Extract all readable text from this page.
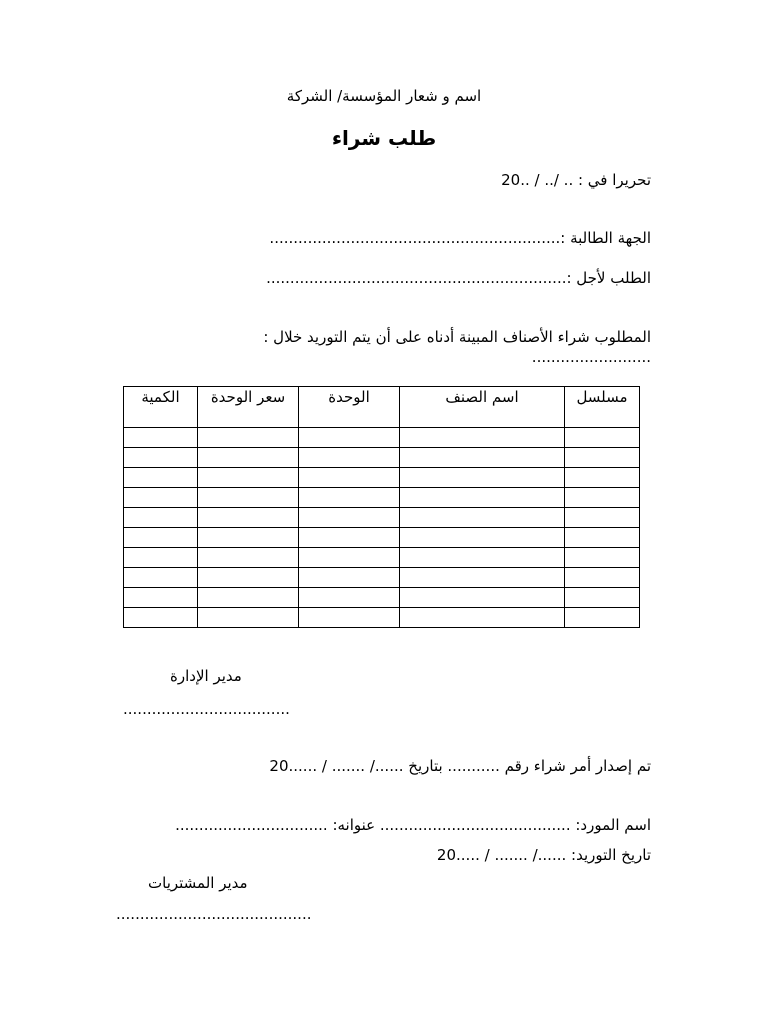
اسم و شعار المؤسسة/ الشركة
طلب شراء
تحريرا في : .. /.. / ..20
الجهة الطالبة :.............................................................
الطلب لأجل :...............................................................
المطلوب شراء الأصناف المبينة أدناه على أن يتم التوريد خلال : .........................
مسلسل	اسم الصنف	الوحدة	سعر الوحدة	الكمية

مدير الإدارة
...................................
تم إصدار أمر شراء رقم ........... بتاريخ ....../ ....... / ......20
اسم المورد: ........................................ عنوانه: ................................
تاريخ التوريد: ....../ ....... / .....20
مدير المشتريات
.........................................
